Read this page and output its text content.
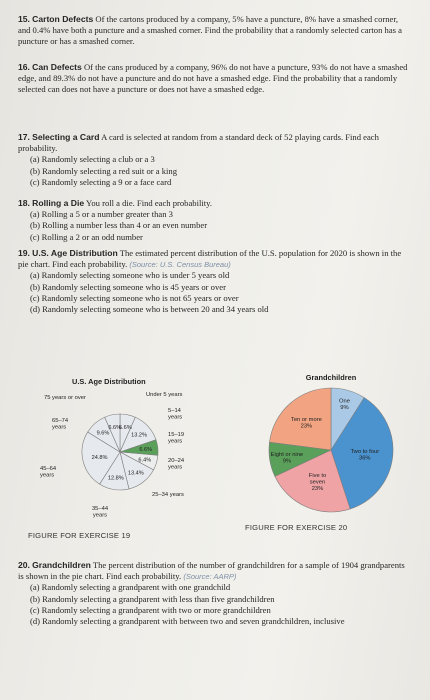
15. Carton Defects Of the cartons produced by a company, 5% have a puncture, 8% have a smashed corner, and 0.4% have both a puncture and a smashed corner. Find the probability that a randomly selected carton has a puncture or has a smashed corner.
16. Can Defects Of the cans produced by a company, 96% do not have a puncture, 93% do not have a smashed edge, and 89.3% do not have a puncture and do not have a smashed edge. Find the probability that a randomly selected can does not have a puncture or does not have a smashed edge.
17. Selecting a Card A card is selected at random from a standard deck of 52 playing cards. Find each probability.
(a) Randomly selecting a club or a 3
(b) Randomly selecting a red suit or a king
(c) Randomly selecting a 9 or a face card
18. Rolling a Die You roll a die. Find each probability.
(a) Rolling a 5 or a number greater than 3
(b) Rolling a number less than 4 or an even number
(c) Rolling a 2 or an odd number
19. U.S. Age Distribution The estimated percent distribution of the U.S. population for 2020 is shown in the pie chart. Find each probability. (Source: U.S. Census Bureau)
(a) Randomly selecting someone who is under 5 years old
(b) Randomly selecting someone who is 45 years or over
(c) Randomly selecting someone who is not 65 years or over
(d) Randomly selecting someone who is between 20 and 34 years old
U.S. Age Distribution
6.6%
Under 5 years
13.2%
5–14 years
6.6%
15–19 years
6.4%	20–24 years
13.4%
25–34 years
12.8%
35–44 years
24.8%
45–64 years
9.6%
65–74 years	6.6%
75 years or over
Grandchildren
One 9%
Two to four 36%
Five to seven 23%
Eight or nine 9%
Ten or more 23%
FIGURE FOR EXERCISE 19
FIGURE FOR EXERCISE 20
20. Grandchildren The percent distribution of the number of grandchildren for a sample of 1904 grandparents is shown in the pie chart. Find each probability. (Source: AARP)
(a) Randomly selecting a grandparent with one grandchild
(b) Randomly selecting a grandparent with less than five grandchildren
(c) Randomly selecting a grandparent with two or more grandchildren
(d) Randomly selecting a grandparent with between two and seven grandchildren, inclusive
